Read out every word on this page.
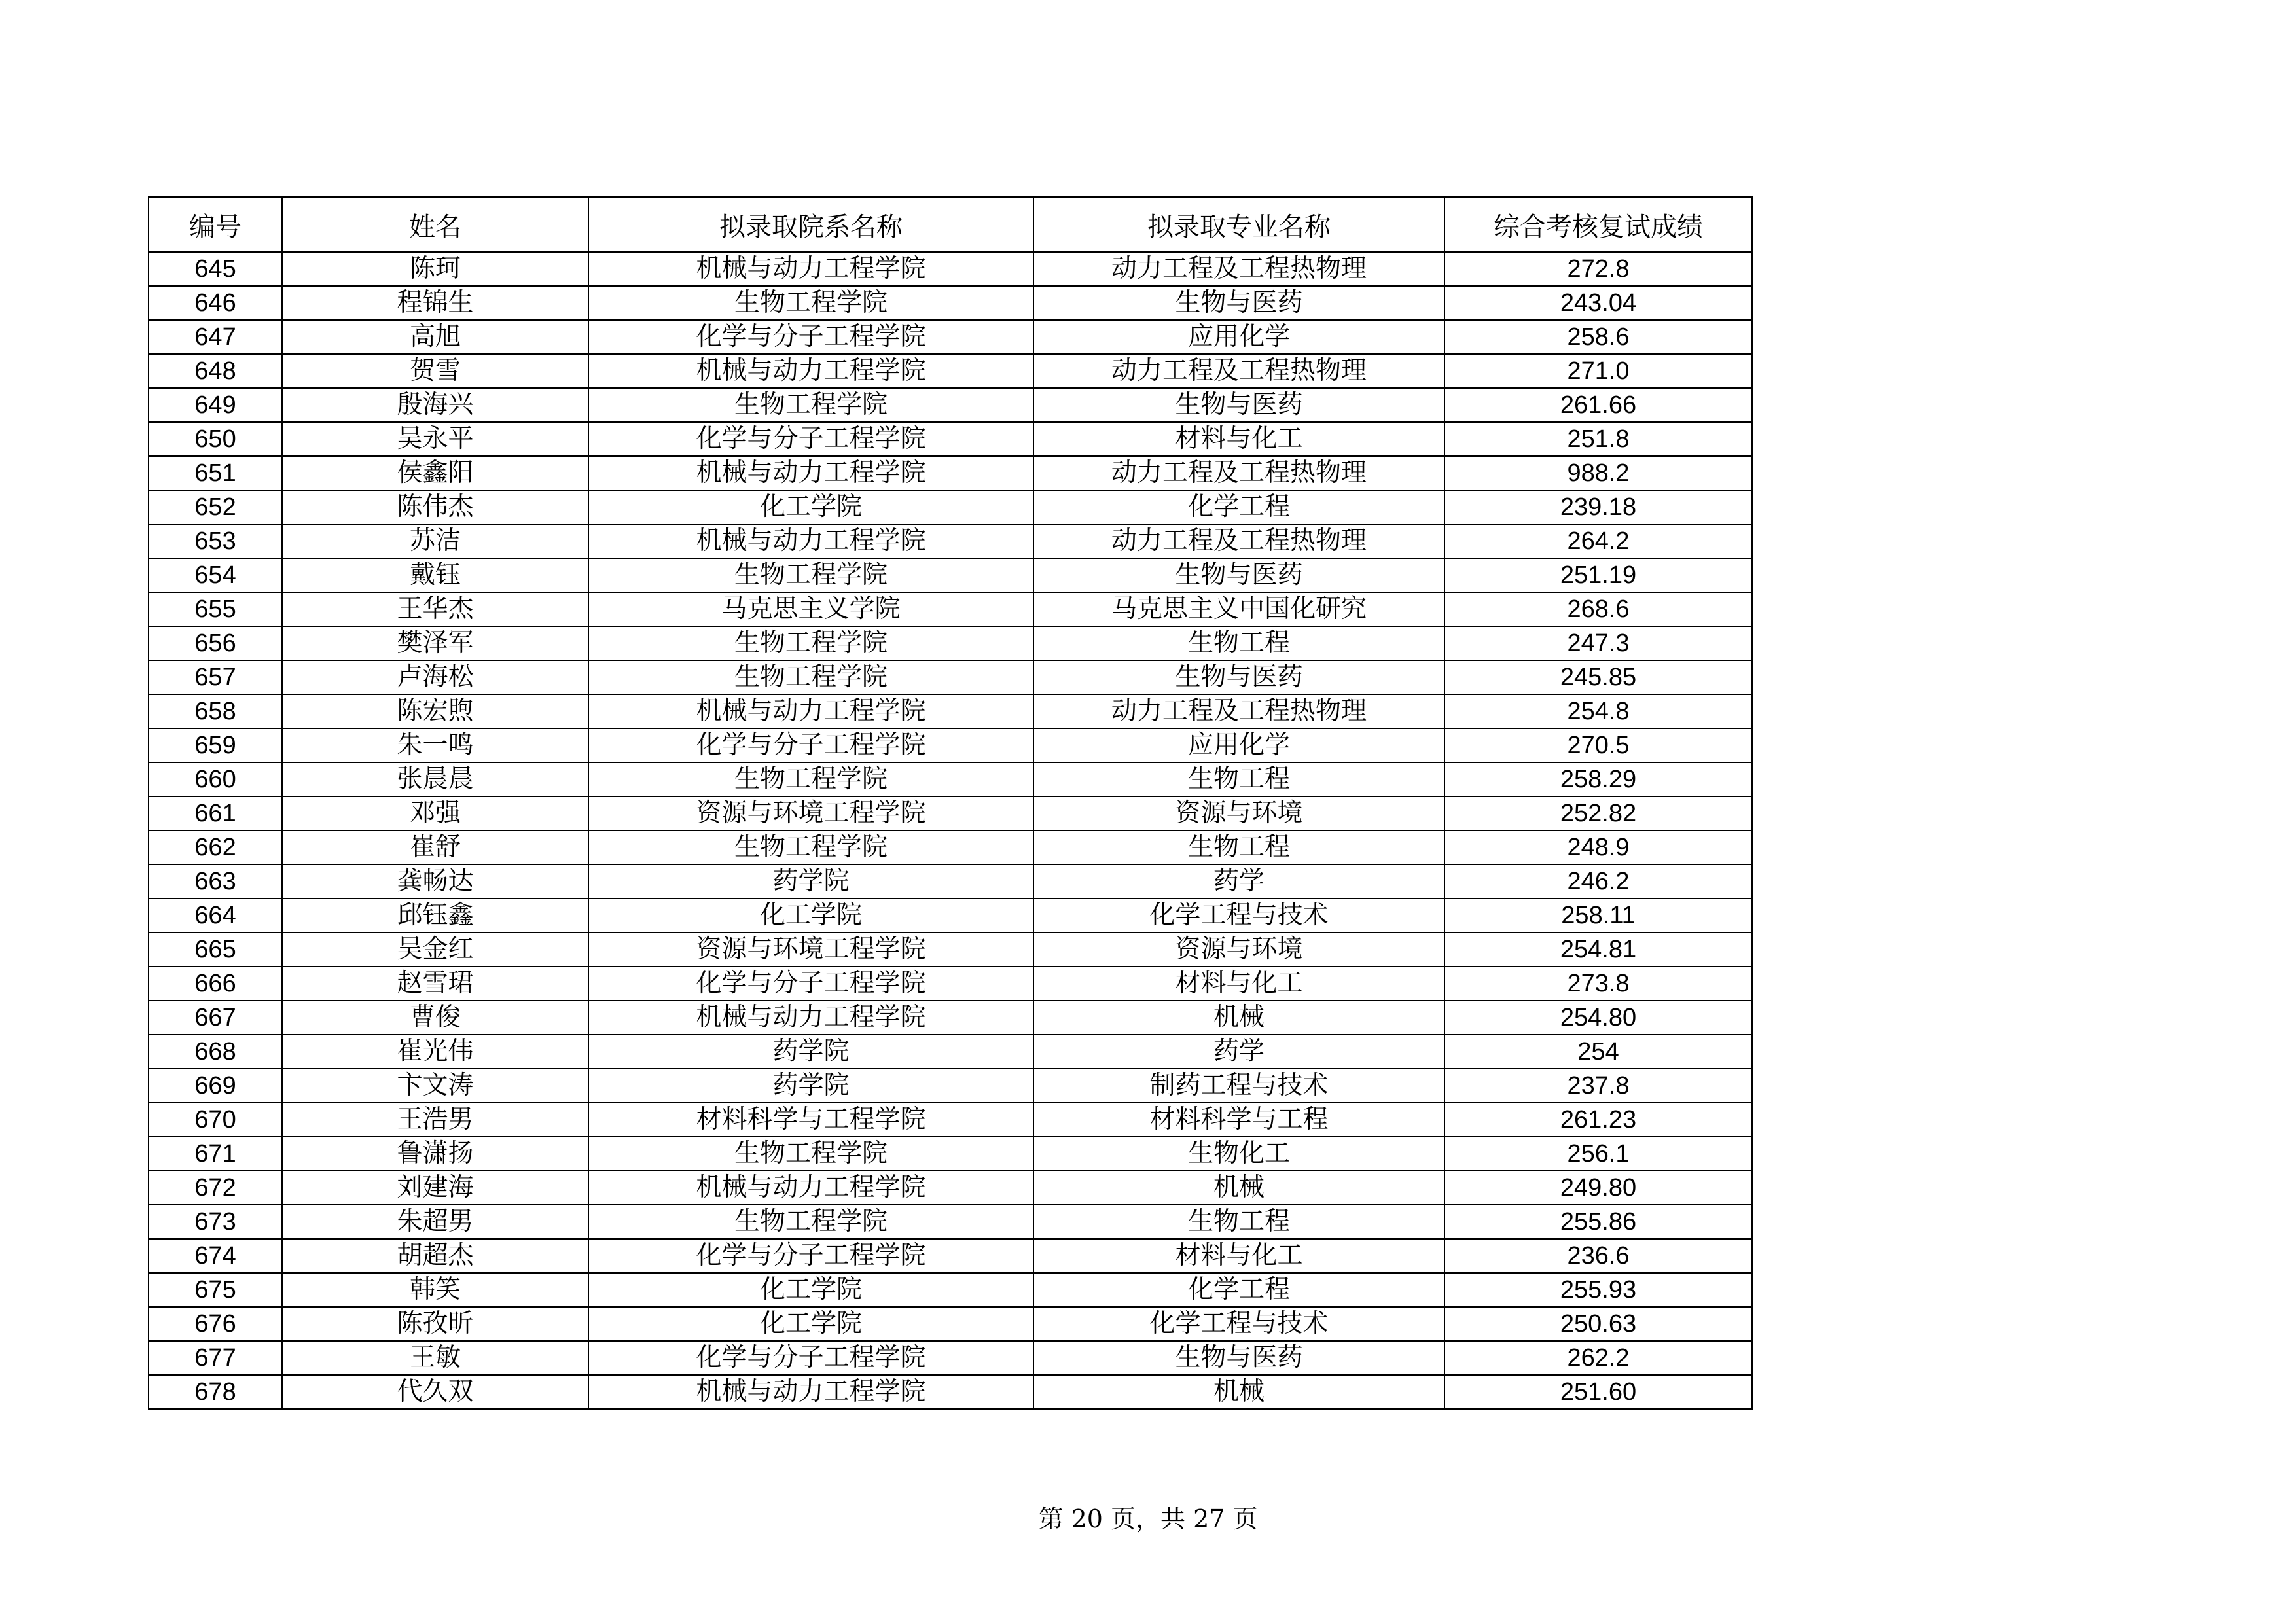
编号	姓名	拟录取院系名称	拟录取专业名称	综合考核复试成绩
645	陈珂	机械与动力工程学院	动力工程及工程热物理	272.8
646	程锦生	生物工程学院	生物与医药	243.04
647	高旭	化学与分子工程学院	应用化学	258.6
648	贺雪	机械与动力工程学院	动力工程及工程热物理	271.0
649	殷海兴	生物工程学院	生物与医药	261.66
650	吴永平	化学与分子工程学院	材料与化工	251.8
651	侯鑫阳	机械与动力工程学院	动力工程及工程热物理	988.2
652	陈伟杰	化工学院	化学工程	239.18
653	苏洁	机械与动力工程学院	动力工程及工程热物理	264.2
654	戴钰	生物工程学院	生物与医药	251.19
655	王华杰	马克思主义学院	马克思主义中国化研究	268.6
656	樊泽军	生物工程学院	生物工程	247.3
657	卢海松	生物工程学院	生物与医药	245.85
658	陈宏煦	机械与动力工程学院	动力工程及工程热物理	254.8
659	朱一鸣	化学与分子工程学院	应用化学	270.5
660	张晨晨	生物工程学院	生物工程	258.29
661	邓强	资源与环境工程学院	资源与环境	252.82
662	崔舒	生物工程学院	生物工程	248.9
663	龚畅达	药学院	药学	246.2
664	邱钰鑫	化工学院	化学工程与技术	258.11
665	吴金红	资源与环境工程学院	资源与环境	254.81
666	赵雪珺	化学与分子工程学院	材料与化工	273.8
667	曹俊	机械与动力工程学院	机械	254.80
668	崔光伟	药学院	药学	254
669	卞文涛	药学院	制药工程与技术	237.8
670	王浩男	材料科学与工程学院	材料科学与工程	261.23
671	鲁潇扬	生物工程学院	生物化工	256.1
672	刘建海	机械与动力工程学院	机械	249.80
673	朱超男	生物工程学院	生物工程	255.86
674	胡超杰	化学与分子工程学院	材料与化工	236.6
675	韩笑	化工学院	化学工程	255.93
676	陈孜昕	化工学院	化学工程与技术	250.63
677	王敏	化学与分子工程学院	生物与医药	262.2
678	代久双	机械与动力工程学院	机械	251.60
第 20 页，共 27 页
